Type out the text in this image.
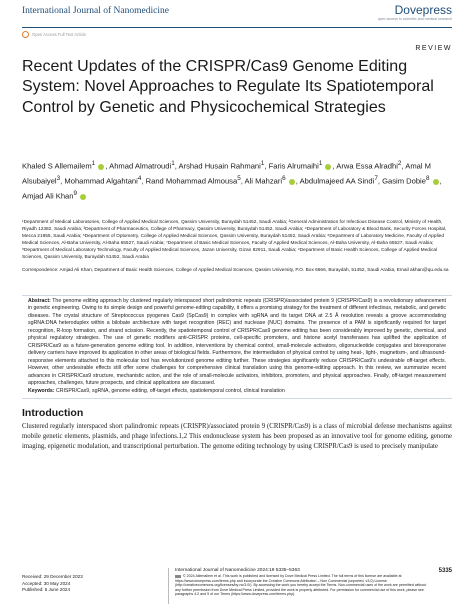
International Journal of Nanomedicine	Dovepress
open access to scientific and medical research
Open Access Full Text Article
REVIEW
Recent Updates of the CRISPR/Cas9 Genome Editing System: Novel Approaches to Regulate Its Spatiotemporal Control by Genetic and Physicochemical Strategies
Khaled S Allemailem$^1$ , Ahmad Almatroudi$^1$, Arshad Husain Rahmani$^1$, Faris Alrumaihi$^1$ , Arwa Essa Alradhi$^2$, Amal M Alsubaiyel$^3$, Mohammad Algahtani$^4$, Rand Mohammad Almousa$^5$, Ali Mahzari$^6$ , Abdulmajeed AA Sindi$^7$, Gasim Dobie$^8$ , Amjad Ali Khan$^9$
¹Department of Medical Laboratories, College of Applied Medical Sciences, Qassim University, Buraydah 51452, Saudi Arabia; ²General Administration for Infectious Disease Control, Ministry of Health, Riyadh 12382, Saudi Arabia; ³Department of Pharmaceutics, College of Pharmacy, Qassim University, Buraydah 51452, Saudi Arabia; ⁴Department of Laboratory & Blood Bank, Security Forces Hospital, Mecca 21955, Saudi Arabia; ⁵Department of Optometry, College of Applied Medical Sciences, Qassim University, Buraydah 51452, Saudi Arabia; ⁶Department of Laboratory Medicine, Faculty of Applied Medical Sciences, Al-Baha University, Al-Baha 65527, Saudi Arabia; ⁷Department of Basic Medical Sciences, Faculty of Applied Medical Sciences, Al-Baha University, Al-Baha 65527, Saudi Arabia; ⁸Department of Medical Laboratory Technology, Faculty of Applied Medical Sciences, Jazan University, Gizan 82911, Saudi Arabia; ⁹Department of Basic Health Sciences, College of Applied Medical Sciences, Qassim University, Buraydah 51452, Saudi Arabia
Correspondence: Amjad Ali Khan, Department of Basic Health Sciences, College of Applied Medical Sciences, Qassim University, P.O. Box 6666, Buraydah, 51452, Saudi Arabia, Email akhan@qu.edu.sa
Abstract: The genome editing approach by clustered regularly interspaced short palindromic repeats (CRISPR)/associated protein 9 (CRISPR/Cas9) is a revolutionary advancement in genetic engineering. Owing to its simple design and powerful genome-editing capability, it offers a promising strategy for the treatment of different infectious, metabolic, and genetic diseases. The crystal structure of Streptococcus pyogenes Cas9 (SpCas9) in complex with sgRNA and its target DNA at 2.5 Å resolution reveals a groove accommodating sgRNA:DNA heteroduplex within a bilobate architecture with target recognition (REC) and nuclease (NUC) domains. The presence of a PAM is significantly required for target recognition, R-loop formation, and strand scission. Recently, the spatiotemporal control of CRISPR/Cas9 genome editing has been considerably improved by genetic, chemical, and physical regulatory strategies. The use of genetic modifiers anti-CRISPR proteins, cell-specific promoters, and histone acetyl transferases has uplifted the application of CRISPR/Cas9 as a future-generation genome editing tool. In addition, interventions by chemical control, small-molecule activators, oligonucleotide conjugates and bioresponsive delivery carriers have improved its application in other areas of biological fields. Furthermore, the intermediation of physical control by using heat-, light-, magnetism-, and ultrasound-responsive elements attached to this molecular tool has revolutionized genome editing further. These strategies significantly reduce CRISPR/Cas9's undesirable off-target effects. However, other undesirable effects still offer some challenges for comprehensive clinical translation using this genome-editing approach. In this review, we summarize recent advances in CRISPR/Cas9 structure, mechanistic action, and the role of small-molecule activators, inhibitors, promoters, and physical approaches. Finally, off-target measurement approaches, challenges, future prospects, and clinical applications are discussed.
Introduction
Clustered regularly interspaced short palindromic repeats (CRISPR)/associated protein 9 (CRISPR/Cas9) is a class of microbial defense mechanisms against mobile genetic elements, plasmids, and phage infections.1,2 This endonuclease system has been proposed as an innovative tool for genome editing, genome imaging, epigenetic modulation, and transcriptional perturbation. The genome editing technology by using CRISPR/Cas9 is used to precisely manipulate
Keywords: CRISPR/Cas9, sgRNA, genome editing, off-target effects, spatiotemporal control, clinical translation
Received: 29 December 2023
Accepted: 30 May 2024
Published: 6 June 2024
International Journal of Nanomedicine 2024:19 5335–5363
© 2024 Allemailem et al. This work is published and licensed by Dove Medical Press Limited. The full terms of this license are available at https://www.dovepress.com/terms.php and incorporate the Creative Commons Attribution – Non Commercial (unported, v3.0) License (http://creativecommons.org/licenses/by-nc/3.0/). By accessing the work you hereby accept the Terms. Non-commercial uses of the work are permitted without any further permission from Dove Medical Press Limited, provided the work is properly attributed. For permission for commercial use of this work, please see paragraphs 4.2 and 5 of our Terms (https://www.dovepress.com/terms.php).
5335
